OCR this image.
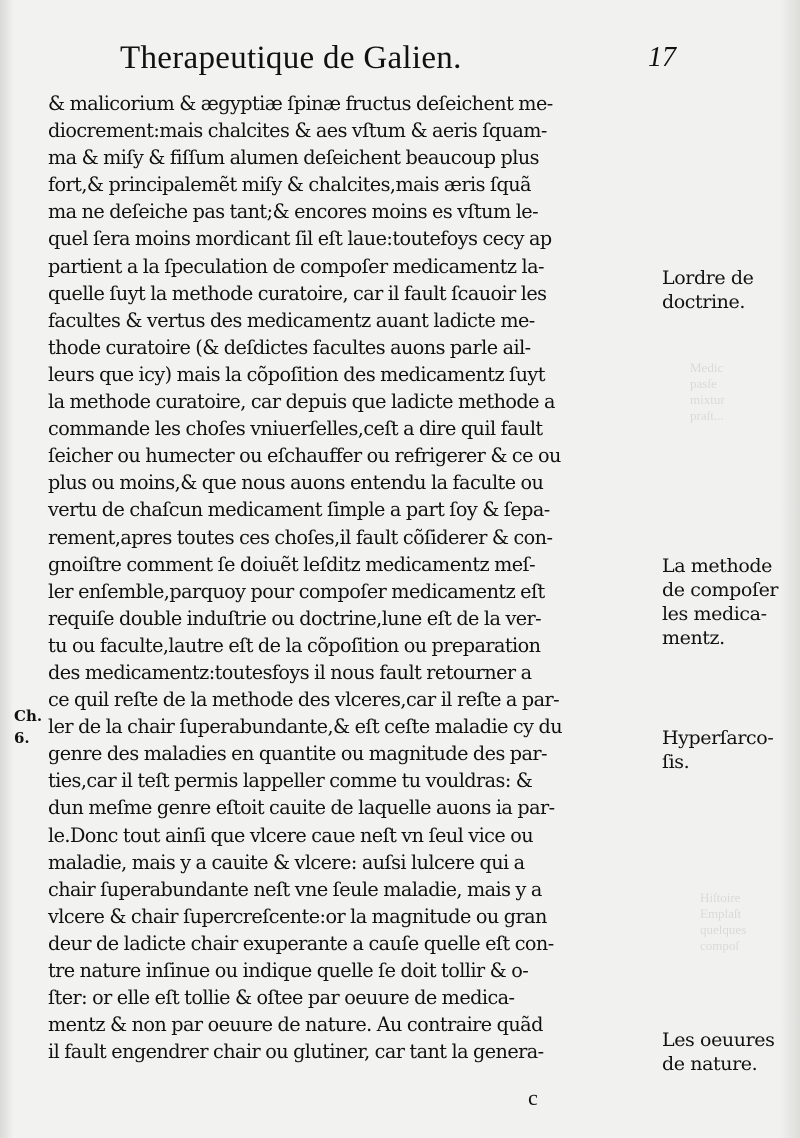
Therapeutique de Galien.	17
Medic
pasſe
mixtur
praſt...
Hiſtoire
Emplaſt
quelques
compoſ
& malicorium & ægyptiæ ſpinæ fructus deſeichent me-
diocrement:mais chalcites & aes vſtum & aeris ſquam-
ma & miſy & fiſſum alumen deſeichent beaucoup plus
fort,& principalemẽt miſy & chalcites,mais æris ſquã
ma ne deſeiche pas tant;& encores moins es vſtum le-
quel ſera moins mordicant ſil eſt laue:toutefoys cecy ap
partient a la ſpeculation de compoſer medicamentz la-
quelle ſuyt la methode curatoire, car il fault ſcauoir les
facultes & vertus des medicamentz auant ladicte me-
thode curatoire (& deſdictes facultes auons parle ail-
leurs que icy) mais la cõpoſition des medicamentz ſuyt
la methode curatoire, car depuis que ladicte methode a
commande les choſes vniuerſelles,ceſt a dire quil fault
ſeicher ou humecter ou eſchauffer ou refrigerer & ce ou
plus ou moins,& que nous auons entendu la faculte ou
vertu de chaſcun medicament ſimple a part ſoy & ſepa-
rement,apres toutes ces choſes,il fault cõſiderer & con-
gnoiſtre comment ſe doiuẽt leſditz medicamentz meſ-
ler enſemble,parquoy pour compoſer medicamentz eſt
requiſe double induſtrie ou doctrine,lune eſt de la ver-
tu ou faculte,lautre eſt de la cõpoſition ou preparation
des medicamentz:toutesfoys il nous fault retourner a
ce quil reſte de la methode des vlceres,car il reſte a par-
ler de la chair ſuperabundante,& eſt ceſte maladie cy du
genre des maladies en quantite ou magnitude des par-
ties,car il teſt permis lappeller comme tu vouldras: &
dun meſme genre eſtoit cauite de laquelle auons ia par-
le.Donc tout ainſi que vlcere caue neſt vn ſeul vice ou
maladie, mais y a cauite & vlcere: auſsi lulcere qui a
chair ſuperabundante neſt vne ſeule maladie, mais y a
vlcere & chair ſupercreſcente:or la magnitude ou gran
deur de ladicte chair exuperante a cauſe quelle eſt con-
tre nature inſinue ou indique quelle ſe doit tollir & o-
ſter: or elle eſt tollie & oſtee par oeuure de medica-
mentz & non par oeuure de nature. Au contraire quãd
il fault engendrer chair ou glutiner, car tant la genera-
Lordre de
doctrine.
La methode
de compoſer
les medica-
mentz.
Hyperſarco-
ſis.
Les oeuures
de nature.
Ch.
6.
c
